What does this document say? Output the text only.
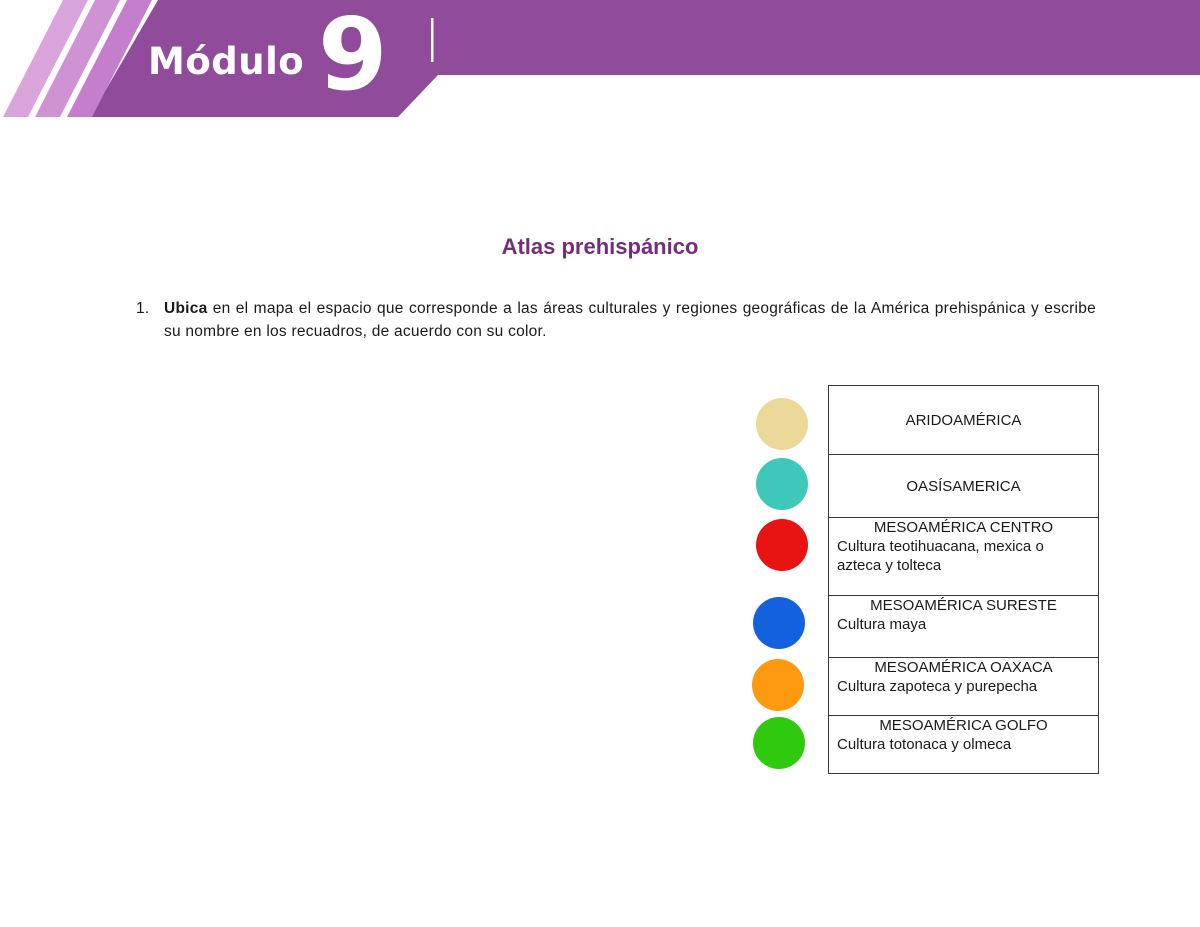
Módulo 9
Atlas prehispánico
1. Ubica en el mapa el espacio que corresponde a las áreas culturales y regiones geográficas de la América prehispánica y escribe su nombre en los recuadros, de acuerdo con su color.
ARIDOAMÉRICA
OASÍSAMERICA
MESOAMÉRICA CENTRO
Cultura teotihuacana, mexica o azteca y tolteca
MESOAMÉRICA SURESTE
Cultura maya
MESOAMÉRICA OAXACA
Cultura zapoteca y purepecha
MESOAMÉRICA GOLFO
Cultura totonaca y olmeca
